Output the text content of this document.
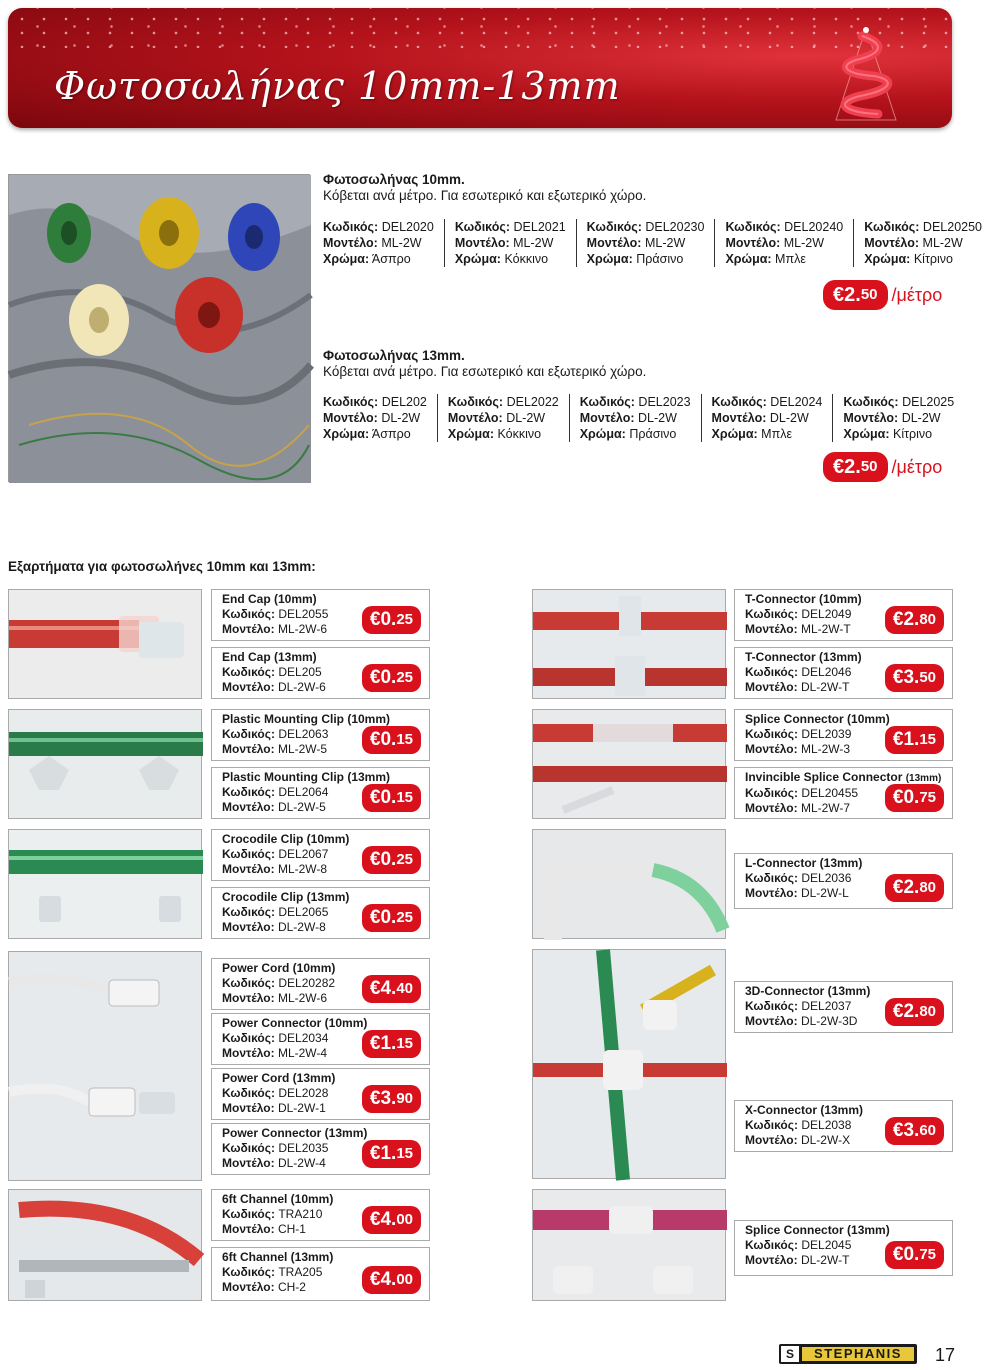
Φωτοσωλήνας 10mm-13mm
Φωτοσωλήνας 10mm.
Κόβεται ανά μέτρο. Για εσωτερικό και εξωτερικό χώρο.
Κωδικός: DEL2020
Μοντέλο: ML-2W
Χρώμα: Άσπρο
Κωδικός: DEL2021
Μοντέλο: ML-2W
Χρώμα: Κόκκινο
Κωδικός: DEL20230
Μοντέλο: ML-2W
Χρώμα: Πράσινο
Κωδικός: DEL20240
Μοντέλο: ML-2W
Χρώμα: Μπλε
Κωδικός: DEL20250
Μοντέλο: ML-2W
Χρώμα: Κίτρινο
€2. 50 /μέτρο
Φωτοσωλήνας 13mm.
Κόβεται ανά μέτρο. Για εσωτερικό και εξωτερικό χώρο.
Κωδικός: DEL202
Μοντέλο: DL-2W
Χρώμα: Άσπρο
Κωδικός: DEL2022
Μοντέλο: DL-2W
Χρώμα: Κόκκινο
Κωδικός: DEL2023
Μοντέλο: DL-2W
Χρώμα: Πράσινο
Κωδικός: DEL2024
Μοντέλο: DL-2W
Χρώμα: Μπλε
Κωδικός: DEL2025
Μοντέλο: DL-2W
Χρώμα: Κίτρινο
€2. 50 /μέτρο
Εξαρτήματα για φωτοσωλήνες 10mm και 13mm:
End Cap (10mm)
Κωδικός: DEL2055
Μοντέλο: ML-2W-6	€0. 25
End Cap (13mm)
Κωδικός: DEL205
Μοντέλο: DL-2W-6	€0. 25
Plastic Mounting Clip (10mm)
Κωδικός: DEL2063
Μοντέλο: ML-2W-5	€0. 15
Plastic Mounting Clip (13mm)
Κωδικός: DEL2064
Μοντέλο: DL-2W-5	€0. 15
Crocodile Clip (10mm)
Κωδικός: DEL2067
Μοντέλο: ML-2W-8	€0. 25
Crocodile Clip (13mm)
Κωδικός: DEL2065
Μοντέλο: DL-2W-8	€0. 25
Power Cord (10mm)
Κωδικός: DEL20282
Μοντέλο: ML-2W-6	€4. 40
Power Connector (10mm)
Κωδικός: DEL2034
Μοντέλο: ML-2W-4	€1. 15
Power Cord (13mm)
Κωδικός: DEL2028
Μοντέλο: DL-2W-1	€3. 90
Power Connector (13mm)
Κωδικός: DEL2035
Μοντέλο: DL-2W-4	€1. 15
6ft Channel (10mm)
Κωδικός: TRA210
Μοντέλο: CH-1	€4. 00
6ft Channel (13mm)
Κωδικός: TRA205
Μοντέλο: CH-2	€4. 00
T-Connector (10mm)
Κωδικός: DEL2049
Μοντέλο: ML-2W-T	€2. 80
T-Connector (13mm)
Κωδικός: DEL2046
Μοντέλο: DL-2W-T	€3. 50
Splice Connector (10mm)
Κωδικός: DEL2039
Μοντέλο: ML-2W-3	€1. 15
Invincible Splice Connector (13mm)
Κωδικός: DEL20455
Μοντέλο: ML-2W-7	€0. 75
L-Connector (13mm)
Κωδικός: DEL2036
Μοντέλο: DL-2W-L	€2. 80
3D-Connector (13mm)
Κωδικός: DEL2037
Μοντέλο: DL-2W-3D	€2. 80
X-Connector (13mm)
Κωδικός: DEL2038
Μοντέλο: DL-2W-X	€3. 60
Splice Connector (13mm)
Κωδικός: DEL2045
Μοντέλο: DL-2W-T	€0. 75
S	STEPHANIS	17
